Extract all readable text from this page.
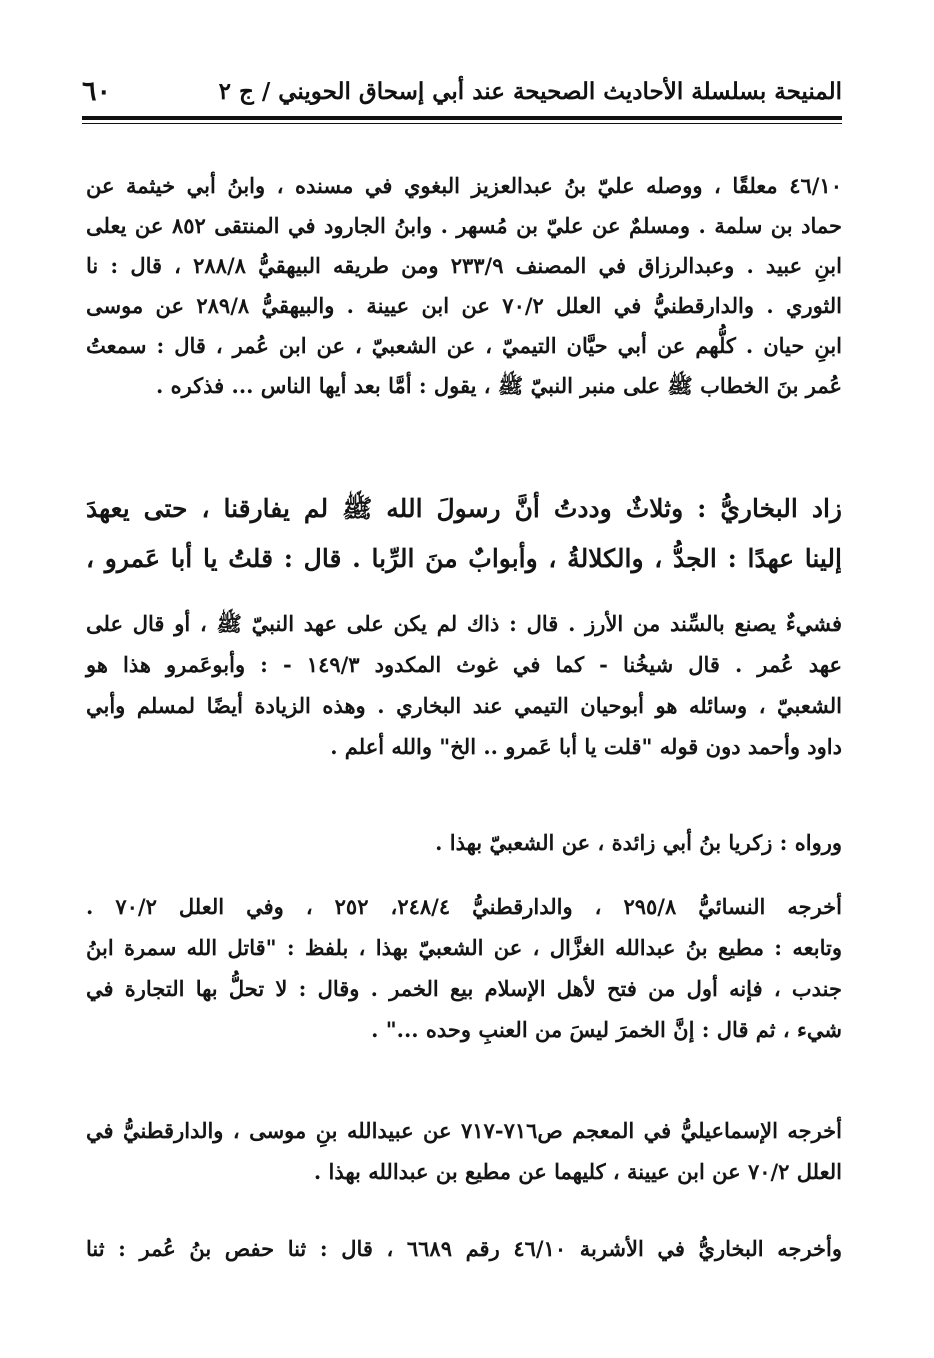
٦٠	المنيحة بسلسلة الأحاديث الصحيحة عند أبي إسحاق الحويني / ج ٢
٤٦/١٠ معلقًا ، ووصله عليّ بنُ عبدالعزيز البغوي في مسنده ، وابنُ أبي خيثمة عن
حماد بن سلمة . ومسلمٌ عن عليّ بن مُسهر . وابنُ الجارود في المنتقى ٨٥٢ عن يعلى
ابنِ عبيد . وعبدالرزاق في المصنف ٢٣٣/٩ ومن طريقه البيهقيُّ ٢٨٨/٨ ، قال : نا
الثوري . والدارقطنيُّ في العلل ٧٠/٢ عن ابن عيينة . والبيهقيُّ ٢٨٩/٨ عن موسى
ابنِ حيان . كلُّهم عن أبي حيَّان التيميّ ، عن الشعبيّ ، عن ابن عُمر ، قال : سمعتُ
عُمر بنَ الخطاب ﷺ على منبر النبيّ ﷺ ، يقول : أمَّا بعد أيها الناس ... فذكره .
زاد البخاريُّ : وثلاثٌ وددتُ أنَّ رسولَ الله ﷺ لم يفارقنا ، حتى يعهدَ
إلينا عهدًا : الجدُّ ، والكلالةُ ، وأبوابٌ منَ الرِّبا . قال : قلتُ يا أبا عَمرو ،
فشيءٌ يصنع بالسِّند من الأرز . قال : ذاك لم يكن على عهد النبيّ ﷺ ، أو قال على
عهد عُمر . قال شيخُنا - كما في غوث المكدود ١٤٩/٣ - : وأبوعَمرو هذا هو
الشعبيّ ، وسائله هو أبوحيان التيمي عند البخاري . وهذه الزيادة أيضًا لمسلم وأبي
داود وأحمد دون قوله "قلت يا أبا عَمرو .. الخ" والله أعلم .
ورواه : زكريا بنُ أبي زائدة ، عن الشعبيّ بهذا .
أخرجه النسائيُّ ٢٩٥/٨ ، والدارقطنيُّ ٢٤٨/٤، ٢٥٢ ، وفي العلل ٧٠/٢ .
وتابعه : مطيع بنُ عبدالله الغزَّال ، عن الشعبيّ بهذا ، بلفظ : "قاتل الله سمرة ابنُ
جندب ، فإنه أول من فتح لأهل الإسلام بيع الخمر . وقال : لا تحلُّ بها التجارة في
شيء ، ثم قال : إنَّ الخمرَ ليسَ من العنبِ وحده ..." .
أخرجه الإسماعيليُّ في المعجم ص٧١٦-٧١٧ عن عبيدالله بنِ موسى ، والدارقطنيُّ في
العلل ٧٠/٢ عن ابن عيينة ، كليهما عن مطيع بن عبدالله بهذا .
وأخرجه البخاريُّ في الأشربة ٤٦/١٠ رقم ٦٦٨٩ ، قال : ثنا حفص بنُ عُمر : ثنا
